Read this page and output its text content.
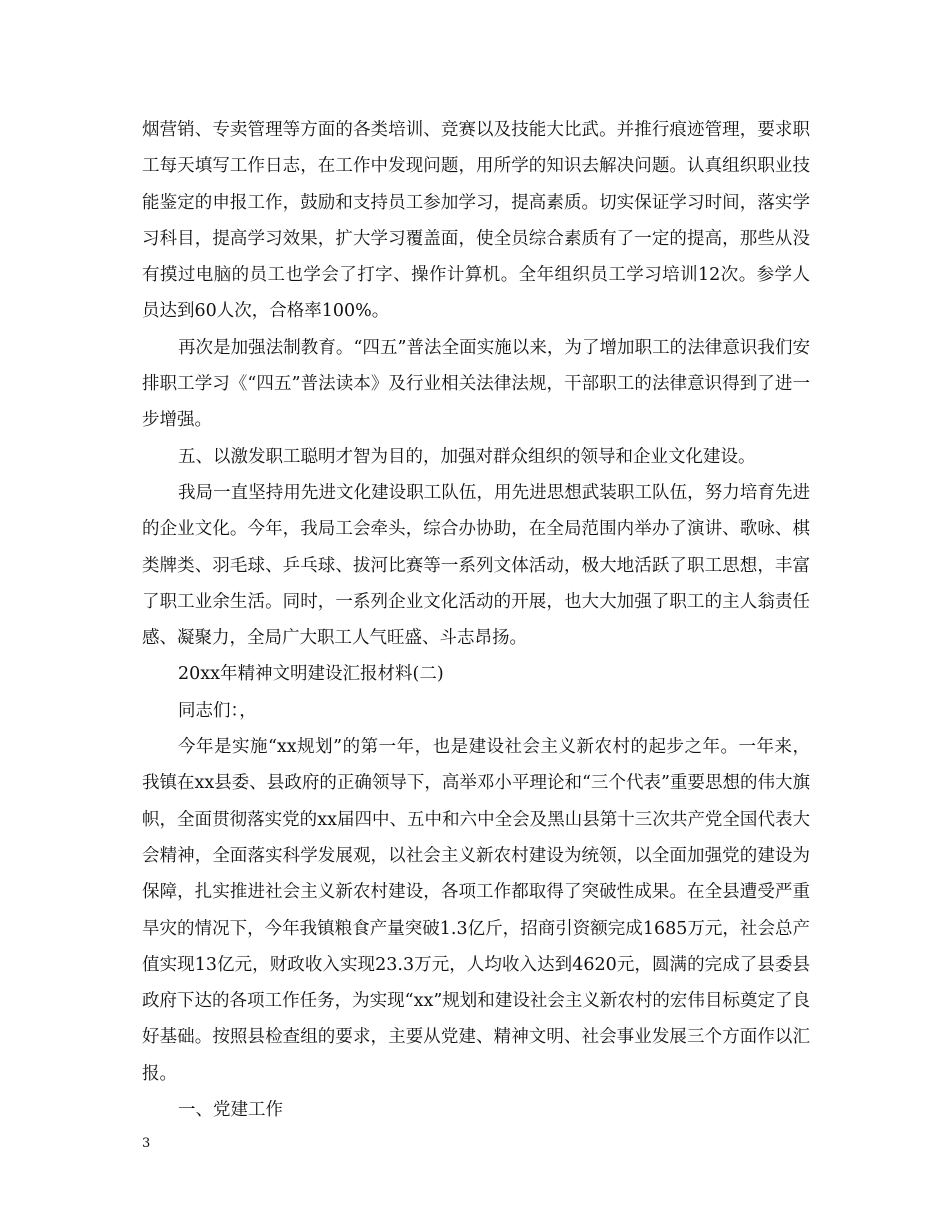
烟营销、专卖管理等方面的各类培训、竞赛以及技能大比武。并推行痕迹管理，要求职工每天填写工作日志，在工作中发现问题，用所学的知识去解决问题。认真组织职业技能鉴定的申报工作，鼓励和支持员工参加学习，提高素质。切实保证学习时间，落实学习科目，提高学习效果，扩大学习覆盖面，使全员综合素质有了一定的提高，那些从没有摸过电脑的员工也学会了打字、操作计算机。全年组织员工学习培训12次。参学人员达到60人次，合格率100%。

再次是加强法制教育。“四五”普法全面实施以来，为了增加职工的法律意识我们安排职工学习《“四五”普法读本》及行业相关法律法规，干部职工的法律意识得到了进一步增强。

五、以激发职工聪明才智为目的，加强对群众组织的领导和企业文化建设。

我局一直坚持用先进文化建设职工队伍，用先进思想武装职工队伍，努力培育先进的企业文化。今年，我局工会牵头，综合办协助，在全局范围内举办了演讲、歌咏、棋类牌类、羽毛球、乒乓球、拔河比赛等一系列文体活动，极大地活跃了职工思想，丰富了职工业余生活。同时，一系列企业文化活动的开展，也大大加强了职工的主人翁责任感、凝聚力，全局广大职工人气旺盛、斗志昂扬。

20xx年精神文明建设汇报材料(二)

同志们：，

今年是实施“xx规划”的第一年，也是建设社会主义新农村的起步之年。一年来，我镇在xx县委、县政府的正确领导下，高举邓小平理论和“三个代表”重要思想的伟大旗帜，全面贯彻落实党的xx届四中、五中和六中全会及黑山县第十三次共产党全国代表大会精神，全面落实科学发展观，以社会主义新农村建设为统领，以全面加强党的建设为保障，扎实推进社会主义新农村建设，各项工作都取得了突破性成果。在全县遭受严重旱灾的情况下，今年我镇粮食产量突破1.3亿斤，招商引资额完成1685万元，社会总产值实现13亿元，财政收入实现23.3万元，人均收入达到4620元，圆满的完成了县委县政府下达的各项工作任务，为实现“xx”规划和建设社会主义新农村的宏伟目标奠定了良好基础。按照县检查组的要求，主要从党建、精神文明、社会事业发展三个方面作以汇报。

一、党建工作

3
